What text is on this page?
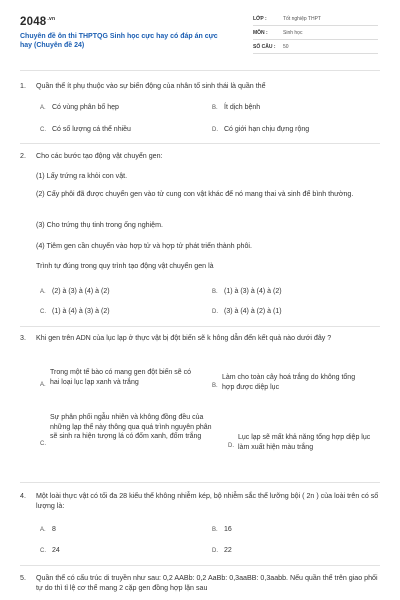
$2048^{.vn}$
Chuyên đề ôn thi THPTQG Sinh học cực hay có đáp án cực hay (Chuyên đề 24)
LỚP :	Tốt nghiệp THPT
MÔN :	Sinh học
SỐ CÂU : 50
1. Quần thể ít phụ thuộc vào sự biến động của nhân tố sinh thái là quần thể
A. Có vùng phân bố hẹp	B. Ít dịch bệnh
C. Có số lượng cá thể nhiều	D. Có giới hạn chịu đựng rộng
2. Cho các bước tạo động vật chuyển gen:
(1) Lấy trứng ra khỏi con vật.
(2) Cấy phôi đã được chuyển gen vào tử cung con vật khác để nó mang thai và sinh để bình thường.
(3) Cho trứng thụ tinh trong ống nghiệm.
(4) Tiêm gen cần chuyển vào hợp tử và hợp tử phát triển thành phôi.
Trình tự đúng trong quy trình tạo động vật chuyển gen là
A. (2) à (3) à (4) à (2)	B. (1) à (3) à (4) à (2)
C. (1) à (4) à (3) à (2)	D. (3) à (4) à (2) à (1)
3. Khi gen trên ADN của lục lạp ở thực vật bị đột biến sẽ k hông dẫn đến kết quả nào dưới đây ?
A.
Trong một tế bào có mang gen đột biến sẽ có hai loại lục lạp xanh và trắng
B.
Làm cho toàn cây hoá trắng do không tổng hợp được diệp lục
C.
Sự phân phối ngẫu nhiên và không đồng đều của những lạp thể này thông qua quá trình nguyên phân sẽ sinh ra hiện tượng lá có đốm xanh, đốm trắng
D.
Lục lạp sẽ mất khả năng tổng hợp diệp lục làm xuất hiện màu trắng
4. Một loài thực vật có tối đa 28 kiểu thể không nhiễm kép, bộ nhiễm sắc thể lưỡng bội ( 2n ) của loài trên có số lượng là:
A. 8	B. 16
C. 24	D. 22
5. Quần thể có cấu trúc di truyền như sau: 0,2 AABb: 0,2 AaBb: 0,3aaBB: 0,3aabb. Nếu quần thể trên giao phối tự do thì tỉ lệ cơ thể mang 2 cặp gen đồng hợp lặn sau
